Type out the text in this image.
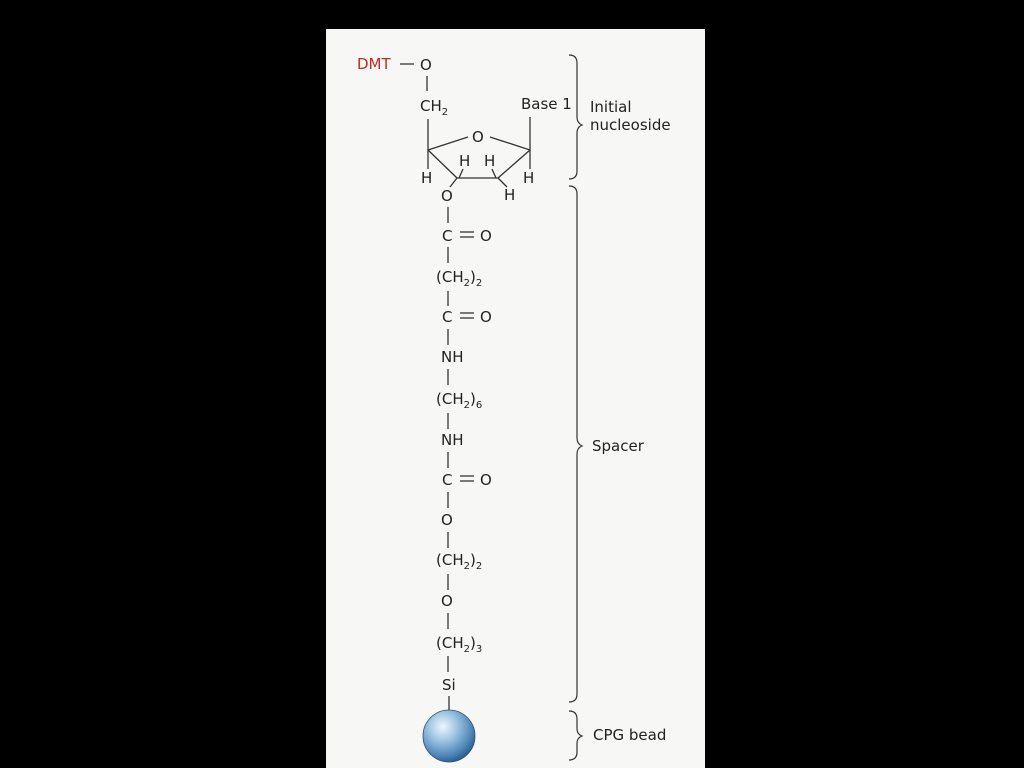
DMT O
$CH_2$	Base 1
O
H
H H
H
H
O
C O
$(CH_2)_2$
C O
NH
$(CH_2)_6$
NH
C O
O
$(CH_2)_2$
O
$(CH_2)_3$
Si
Initial
nucleoside
Spacer
CPG bead
